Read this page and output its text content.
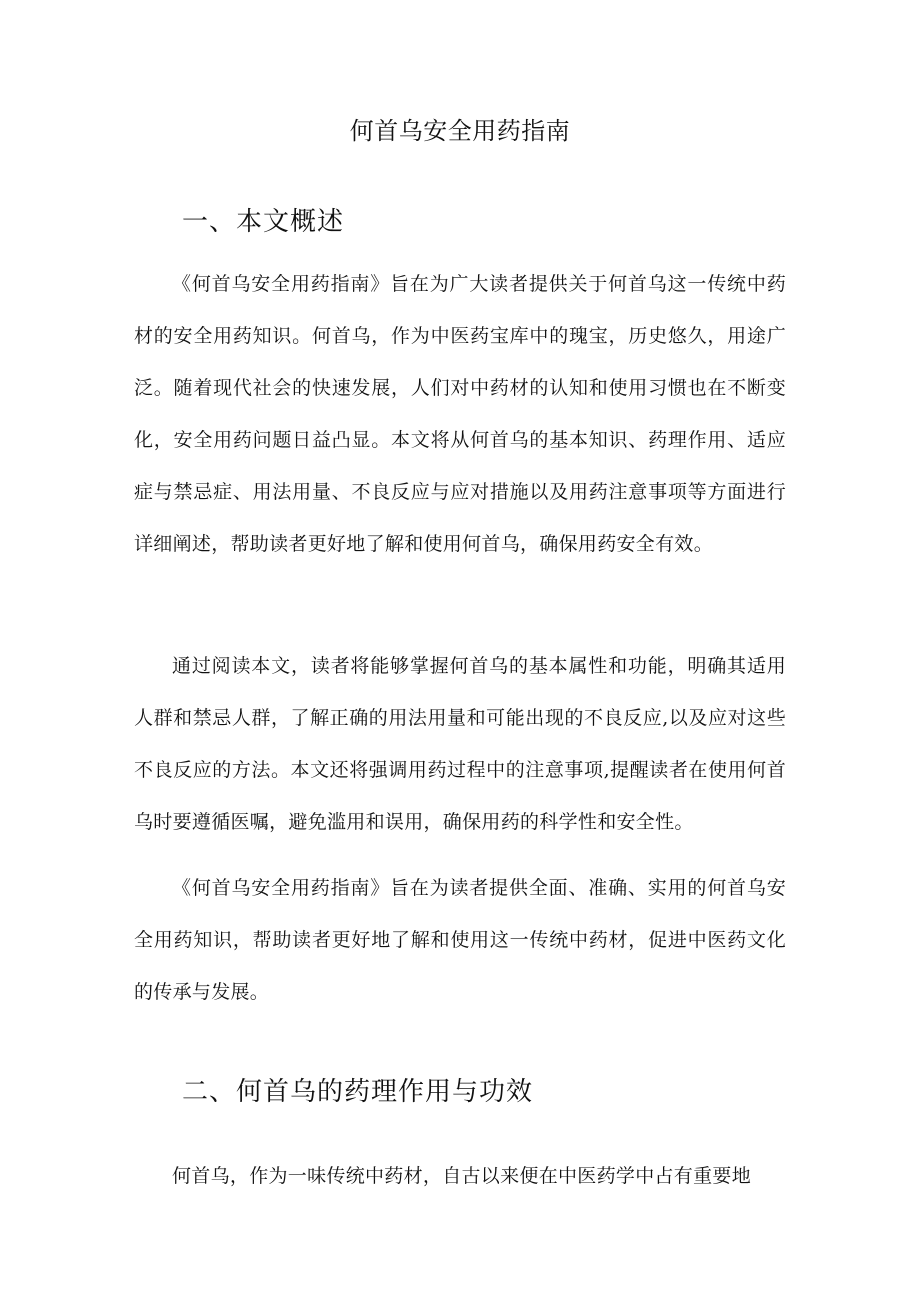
何首乌安全用药指南
一、本文概述

《何首乌安全用药指南》旨在为广大读者提供关于何首乌这一传统中药材的安全用药知识。何首乌，作为中医药宝库中的瑰宝，历史悠久，用途广泛。随着现代社会的快速发展，人们对中药材的认知和使用习惯也在不断变化，安全用药问题日益凸显。本文将从何首乌的基本知识、药理作用、适应症与禁忌症、用法用量、不良反应与应对措施以及用药注意事项等方面进行详细阐述，帮助读者更好地了解和使用何首乌，确保用药安全有效。

通过阅读本文，读者将能够掌握何首乌的基本属性和功能，明确其适用人群和禁忌人群，了解正确的用法用量和可能出现的不良反应,以及应对这些不良反应的方法。本文还将强调用药过程中的注意事项,提醒读者在使用何首乌时要遵循医嘱，避免滥用和误用，确保用药的科学性和安全性。

《何首乌安全用药指南》旨在为读者提供全面、准确、实用的何首乌安全用药知识，帮助读者更好地了解和使用这一传统中药材，促进中医药文化的传承与发展。

二、何首乌的药理作用与功效

何首乌，作为一味传统中药材，自古以来便在中医药学中占有重要地
